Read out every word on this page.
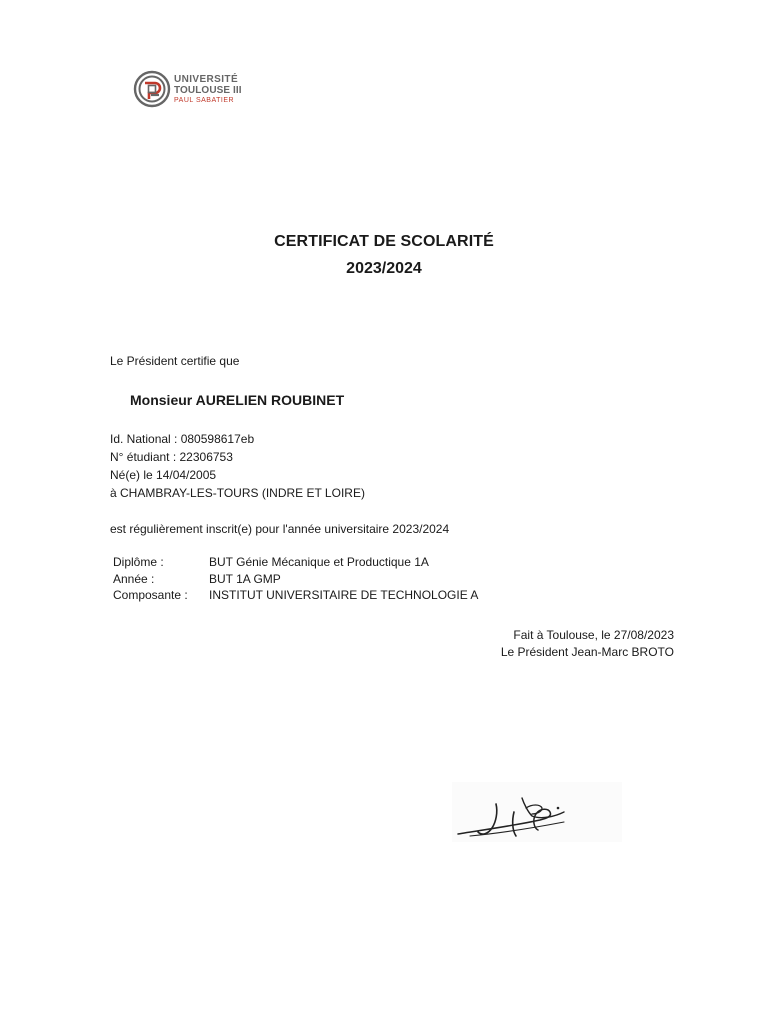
UNIVERSITÉ
TOULOUSE III
PAUL SABATIER
CERTIFICAT DE SCOLARITÉ
2023/2024
Le Président certifie que
Monsieur AURELIEN ROUBINET
Id. National : 080598617eb
N° étudiant : 22306753
Né(e) le 14/04/2005
à CHAMBRAY-LES-TOURS (INDRE ET LOIRE)
est régulièrement inscrit(e) pour l'année universitaire 2023/2024
Diplôme :	BUT Génie Mécanique et Productique 1A
Année :	BUT 1A GMP
Composante :	INSTITUT UNIVERSITAIRE DE TECHNOLOGIE A
Fait à Toulouse, le 27/08/2023
Le Président Jean-Marc BROTO
